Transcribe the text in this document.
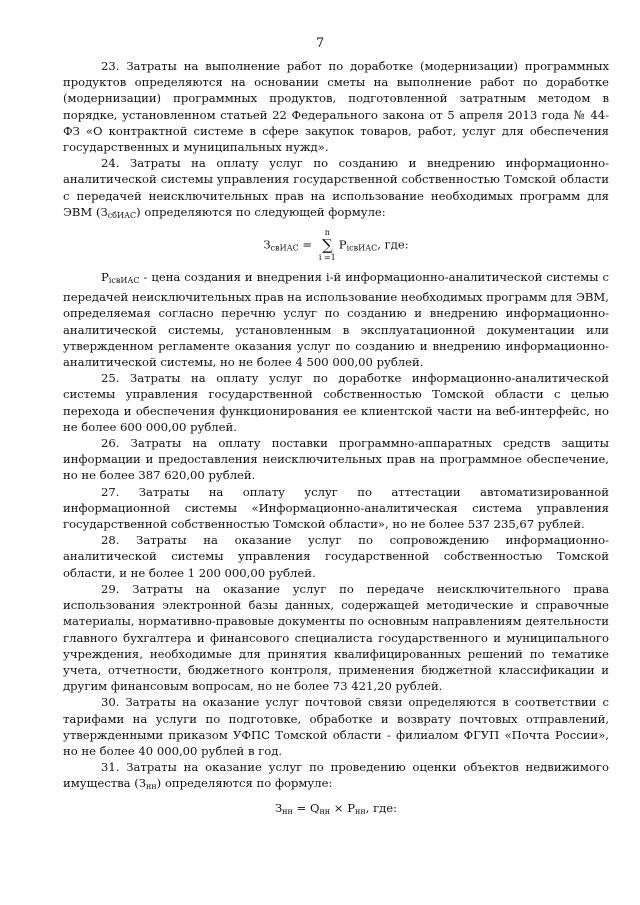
7

23. Затраты на выполнение работ по доработке (модернизации) программных продуктов определяются на основании сметы на выполнение работ по доработке (модернизации) программных продуктов, подготовленной затратным методом в порядке, установленном статьей 22 Федерального закона от 5 апреля 2013 года № 44-ФЗ «О контрактной системе в сфере закупок товаров, работ, услуг для обеспечения государственных и муниципальных нужд».

24. Затраты на оплату услуг по созданию и внедрению информационно-аналитической системы управления государственной собственностью Томской области с передачей неисключительных прав на использование необходимых программ для ЭВМ $(З_{сбИАС})$ определяются по следующей формуле:

$З_{свИАС}$ =
n
∑
i =1
$P_{iсвИАС}$, где:

$P_{iсвИАС}$ - цена создания и внедрения i-й информационно-аналитической системы с передачей неисключительных прав на использование необходимых программ для ЭВМ, определяемая согласно перечню услуг по созданию и внедрению информационно-аналитической системы, установленным в эксплуатационной документации или утвержденном регламенте оказания услуг по созданию и внедрению информационно-аналитической системы, но не более 4 500 000,00 рублей.

25. Затраты на оплату услуг по доработке информационно-аналитической системы управления государственной собственностью Томской области с целью перехода и обеспечения функционирования ее клиентской части на веб-интерфейс, но не более 600 000,00 рублей.

26. Затраты на оплату поставки программно-аппаратных средств защиты информации и предоставления неисключительных прав на программное обеспечение, но не более 387 620,00 рублей.

27. Затраты на оплату услуг по аттестации автоматизированной информационной системы «Информационно-аналитическая система управления государственной собственностью Томской области», но не более 537 235,67 рублей.

28. Затраты на оказание услуг по сопровождению информационно-аналитической системы управления государственной собственностью Томской области, и не более 1 200 000,00 рублей.

29. Затраты на оказание услуг по передаче неисключительного права использования электронной базы данных, содержащей методические и справочные материалы, нормативно-правовые документы по основным направлениям деятельности главного бухгалтера и финансового специалиста государственного и муниципального учреждения, необходимые для принятия квалифицированных решений по тематике учета, отчетности, бюджетного контроля, применения бюджетной классификации и другим финансовым вопросам, но не более 73 421,20 рублей.

30. Затраты на оказание услуг почтовой связи определяются в соответствии с тарифами на услуги по подготовке, обработке и возврату почтовых отправлений, утвержденными приказом УФПС Томской области - филиалом ФГУП «Почта России», но не более 40 000,00 рублей в год.

31. Затраты на оказание услуг по проведению оценки объектов недвижимого имущества $(З_{нн})$ определяются по формуле:

$З_{нн} = Q_{нн} \times P_{нн}$, где:
